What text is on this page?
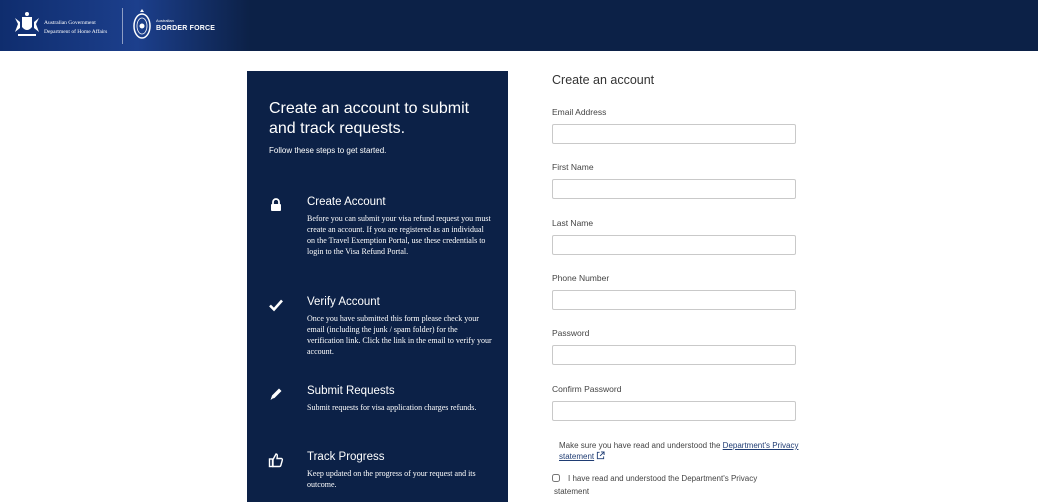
Australian Government
Department of Home Affairs
Australian
BORDER FORCE
Create an account to submit and track requests.
Follow these steps to get started.
Create Account
Before you can submit your visa refund request you must create an account. If you are registered as an individual on the Travel Exemption Portal, use these credentials to login to the Visa Refund Portal.
Verify Account
Once you have submitted this form please check your email (including the junk / spam folder) for the verification link. Click the link in the email to verify your account.
Submit Requests
Submit requests for visa application charges refunds.
Track Progress
Keep updated on the progress of your request and its outcome.
Create an account
Email Address
First Name
Last Name
Phone Number
Password
Confirm Password
Make sure you have read and understood the Department's Privacy statement
I have read and understood the Department's Privacy statement
